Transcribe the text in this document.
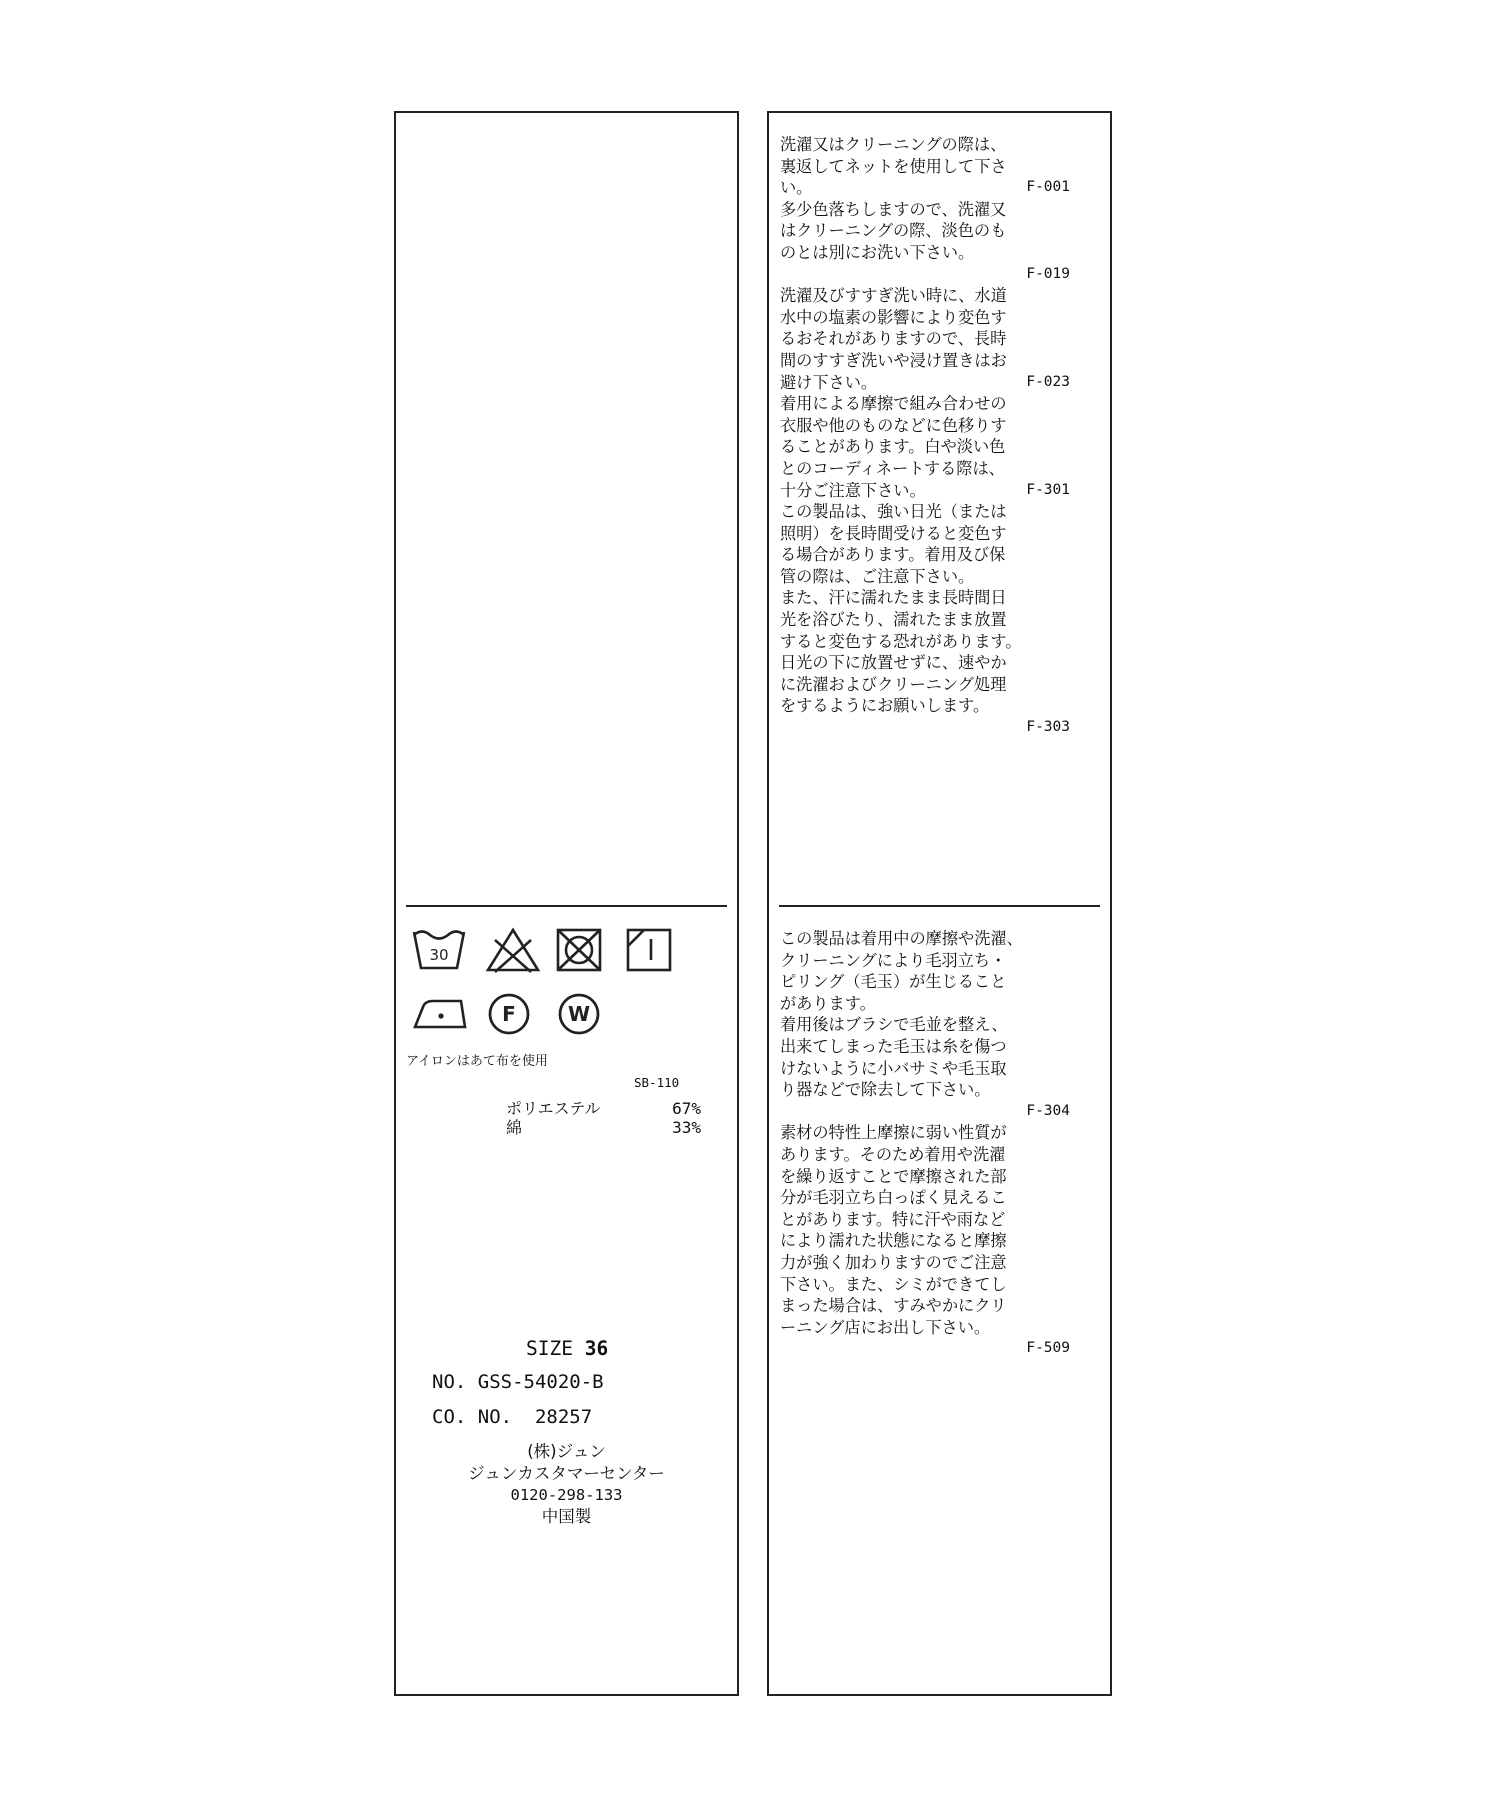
30
F	W
アイロンはあて布を使用
SB-110
ポリエステル	67%
綿	33%
SIZE 36
NO. GSS-54020-B
CO. NO.  28257
(株)ジュン
ジュンカスタマーセンター
0120-298-133
中国製
洗濯又はクリーニングの際は、
裏返してネットを使用して下さ
い。	F-001
多少色落ちしますので、洗濯又
はクリーニングの際、淡色のも
のとは別にお洗い下さい。
F-019
洗濯及びすすぎ洗い時に、水道
水中の塩素の影響により変色す
るおそれがありますので、長時
間のすすぎ洗いや浸け置きはお
避け下さい。	F-023
着用による摩擦で組み合わせの
衣服や他のものなどに色移りす
ることがあります。白や淡い色
とのコーディネートする際は、
十分ご注意下さい。	F-301
この製品は、強い日光（または
照明）を長時間受けると変色す
る場合があります。着用及び保
管の際は、ご注意下さい。
また、汗に濡れたまま長時間日
光を浴びたり、濡れたまま放置
すると変色する恐れがあります。
日光の下に放置せずに、速やか
に洗濯およびクリーニング処理
をするようにお願いします。
F-303
この製品は着用中の摩擦や洗濯、
クリーニングにより毛羽立ち・
ピリング（毛玉）が生じること
があります。
着用後はブラシで毛並を整え、
出来てしまった毛玉は糸を傷つ
けないように小バサミや毛玉取
り器などで除去して下さい。
F-304
素材の特性上摩擦に弱い性質が
あります。そのため着用や洗濯
を繰り返すことで摩擦された部
分が毛羽立ち白っぽく見えるこ
とがあります。特に汗や雨など
により濡れた状態になると摩擦
力が強く加わりますのでご注意
下さい。また、シミができてし
まった場合は、すみやかにクリ
ーニング店にお出し下さい。
F-509
